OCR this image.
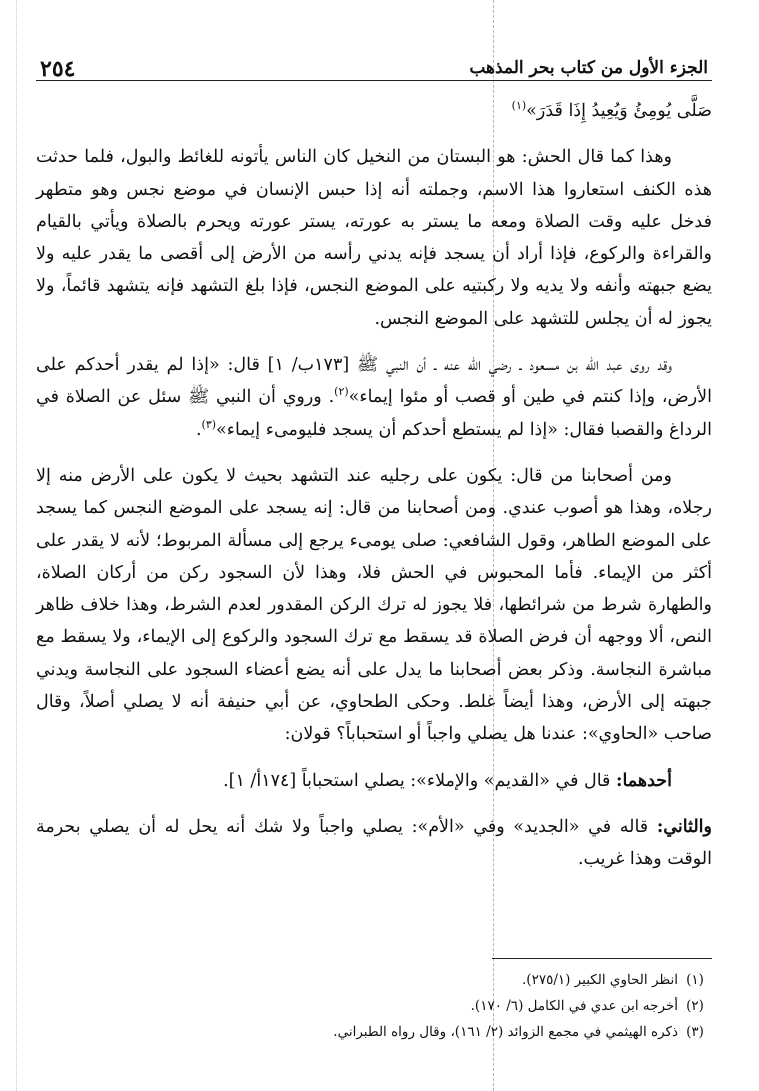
الجزء الأول من كتاب بحر المذهب
٢٥٤

صَلَّى يُومِئُ وَيُعِيدُ إِذَا قَدَرَ»$^{(١)}$

وهذا كما قال الحش: هو البستان من النخيل كان الناس يأتونه للغائط والبول، فلما حدثت هذه الكنف استعاروا هذا الاسم، وجملته أنه إذا حبس الإنسان في موضع نجس وهو متطهر فدخل عليه وقت الصلاة ومعه ما يستر به عورته، يستر عورته ويحرم بالصلاة ويأتي بالقيام والقراءة والركوع، فإذا أراد أن يسجد فإنه يدني رأسه من الأرض إلى أقصى ما يقدر عليه ولا يضع جبهته وأنفه ولا يديه ولا ركبتيه على الموضع النجس، فإذا بلغ التشهد فإنه يتشهد قائماً، ولا يجوز له أن يجلس للتشهد على الموضع النجس.

وقد روى عبد الله بن مسعود ـ رضي الله عنه ـ أن النبي ﷺ [١٧٣ب/ ١] قال: «إذا لم يقدر أحدكم على الأرض، وإذا كنتم في طين أو قصب أو مئوا إيماء»$^{(٢)}$. وروي أن النبي ﷺ سئل عن الصلاة في الرداغ والقصبا فقال: «إذا لم يستطع أحدكم أن يسجد فليومىء إيماء»$^{(٣)}$.

ومن أصحابنا من قال: يكون على رجليه عند التشهد بحيث لا يكون على الأرض منه إلا رجلاه، وهذا هو أصوب عندي. ومن أصحابنا من قال: إنه يسجد على الموضع النجس كما يسجد على الموضع الطاهر، وقول الشافعي: صلى يومىء يرجع إلى مسألة المربوط؛ لأنه لا يقدر على أكثر من الإيماء. فأما المحبوس في الحش فلا، وهذا لأن السجود ركن من أركان الصلاة، والطهارة شرط من شرائطها، فلا يجوز له ترك الركن المقدور لعدم الشرط، وهذا خلاف ظاهر النص، ألا ووجهه أن فرض الصلاة قد يسقط مع ترك السجود والركوع إلى الإيماء، ولا يسقط مع مباشرة النجاسة. وذكر بعض أصحابنا ما يدل على أنه يضع أعضاء السجود على النجاسة ويدني جبهته إلى الأرض، وهذا أيضاً غلط. وحكى الطحاوي، عن أبي حنيفة أنه لا يصلي أصلاً، وقال صاحب «الحاوي»: عندنا هل يصلي واجباً أو استحباباً؟ قولان:

أحدهما: قال في «القديم» والإملاء»: يصلي استحباباً [١٧٤أ/ ١].

والثاني: قاله في «الجديد» وفي «الأم»: يصلي واجباً ولا شك أنه يحل له أن يصلي بحرمة الوقت وهذا غريب.

(١)
انظر الحاوي الكبير (٢٧٥/١).
(٢)
أخرجه ابن عدي في الكامل (٦/ ١٧٠).
(٣)
ذكره الهيثمي في مجمع الزوائد (٢/ ١٦١)، وقال رواه الطبراني.
